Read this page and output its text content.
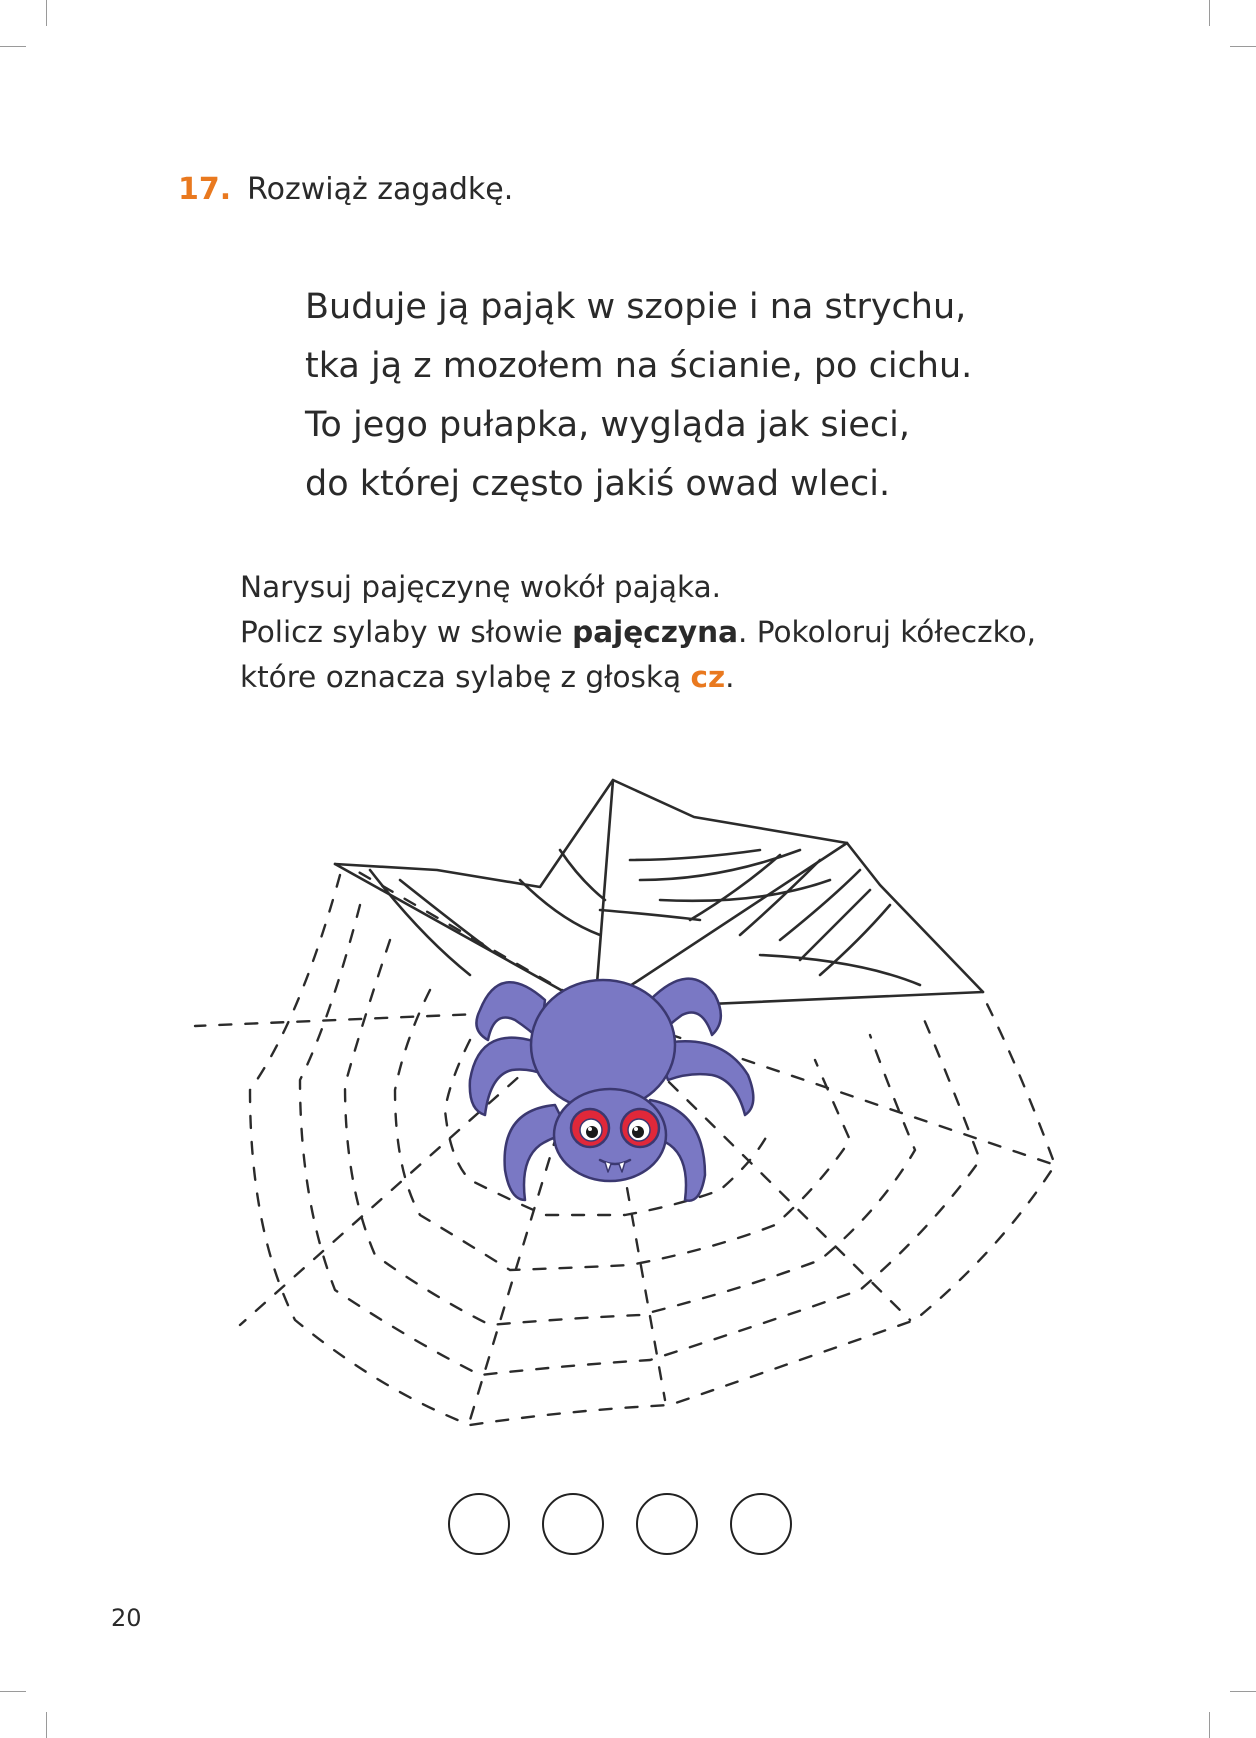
17. Rozwiąż zagadkę.
Buduje ją pająk w szopie i na strychu,
tka ją z mozołem na ścianie, po cichu.
To jego pułapka, wygląda jak sieci,
do której często jakiś owad wleci.
Narysuj pajęczynę wokół pająka.
Policz sylaby w słowie pajęczyna. Pokoloruj kółeczko,
które oznacza sylabę z głoską cz.
20
